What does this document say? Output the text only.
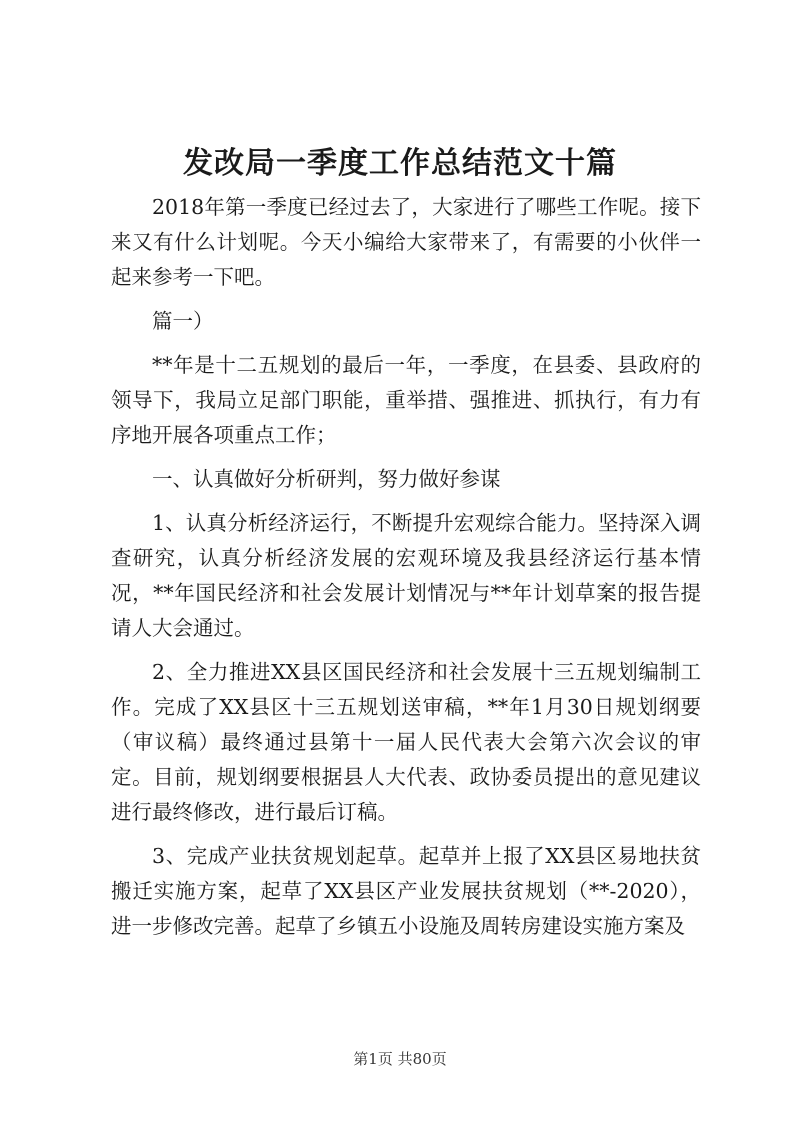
发改局一季度工作总结范文十篇

2018年第一季度已经过去了，大家进行了哪些工作呢。接下来又有什么计划呢。今天小编给大家带来了，有需要的小伙伴一起来参考一下吧。

篇一）

**年是十二五规划的最后一年，一季度，在县委、县政府的领导下，我局立足部门职能，重举措、强推进、抓执行，有力有序地开展各项重点工作；

一、认真做好分析研判，努力做好参谋

1、认真分析经济运行，不断提升宏观综合能力。坚持深入调查研究，认真分析经济发展的宏观环境及我县经济运行基本情况，**年国民经济和社会发展计划情况与**年计划草案的报告提请人大会通过。

2、全力推进XX县区国民经济和社会发展十三五规划编制工作。完成了XX县区十三五规划送审稿，**年1月30日规划纲要（审议稿）最终通过县第十一届人民代表大会第六次会议的审定。目前，规划纲要根据县人大代表、政协委员提出的意见建议进行最终修改，进行最后订稿。

3、完成产业扶贫规划起草。起草并上报了XX县区易地扶贫搬迁实施方案，起草了XX县区产业发展扶贫规划（**-2020），进一步修改完善。起草了乡镇五小设施及周转房建设实施方案及

第1页 共80页
